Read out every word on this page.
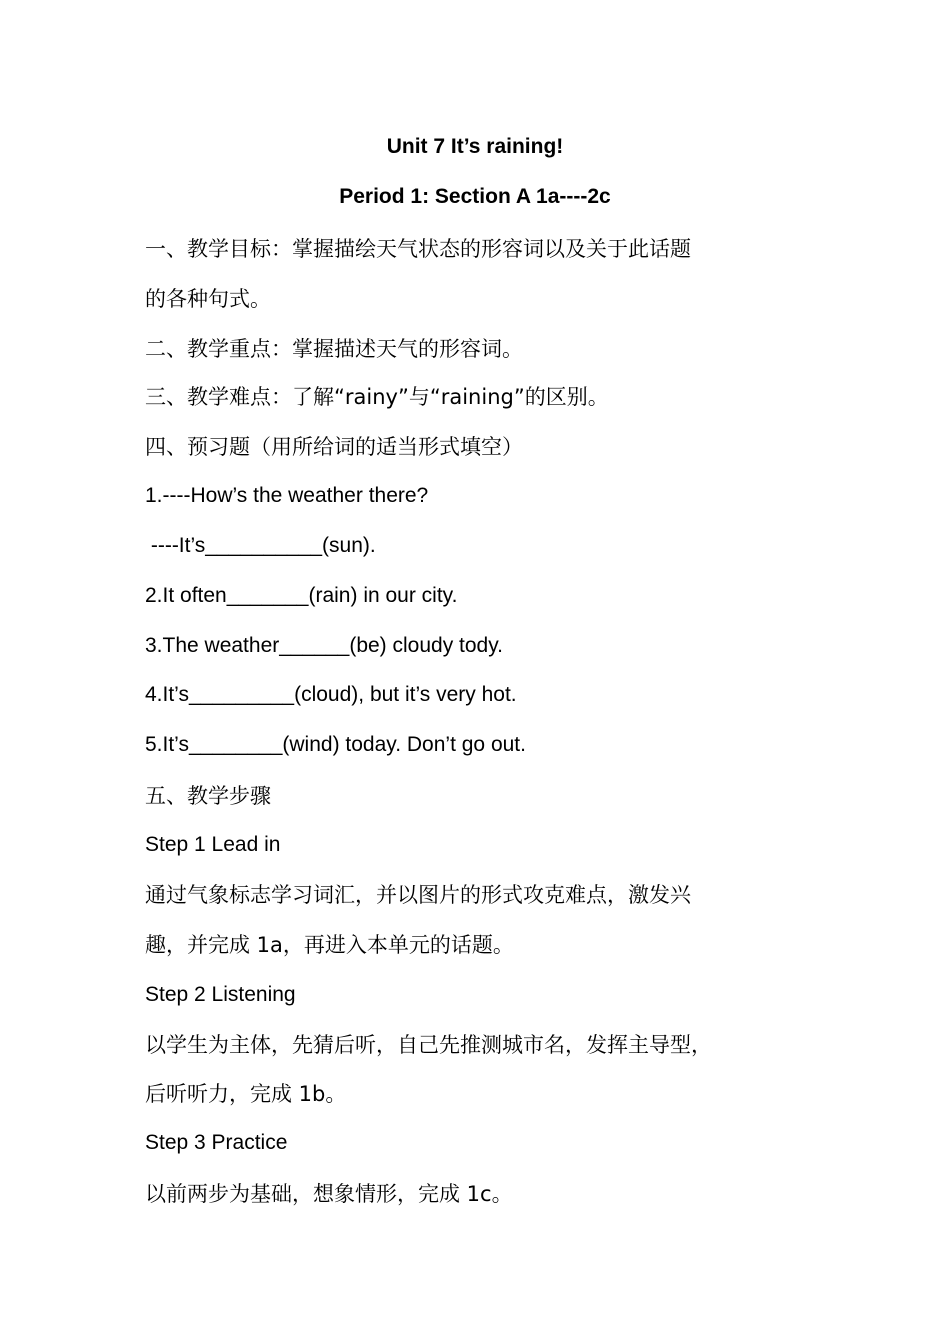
Unit 7 It’s raining!
Period 1: Section A 1a----2c
一、教学目标：掌握描绘天气状态的形容词以及关于此话题
的各种句式。
二、教学重点：掌握描述天气的形容词。
三、教学难点：了解“rainy”与“raining”的区别。
四、预习题（用所给词的适当形式填空）
1.----How’s the weather there?
----It’s__________(sun).
2.It often_______(rain) in our city.
3.The weather______(be) cloudy tody.
4.It’s_________(cloud), but it’s very hot.
5.It’s________(wind) today. Don’t go out.
五、教学步骤
Step 1 Lead in
通过气象标志学习词汇，并以图片的形式攻克难点，激发兴
趣，并完成 1a，再进入本单元的话题。
Step 2 Listening
以学生为主体，先猜后听，自己先推测城市名，发挥主导型，
后听听力，完成 1b。
Step 3 Practice
以前两步为基础，想象情形，完成 1c。
